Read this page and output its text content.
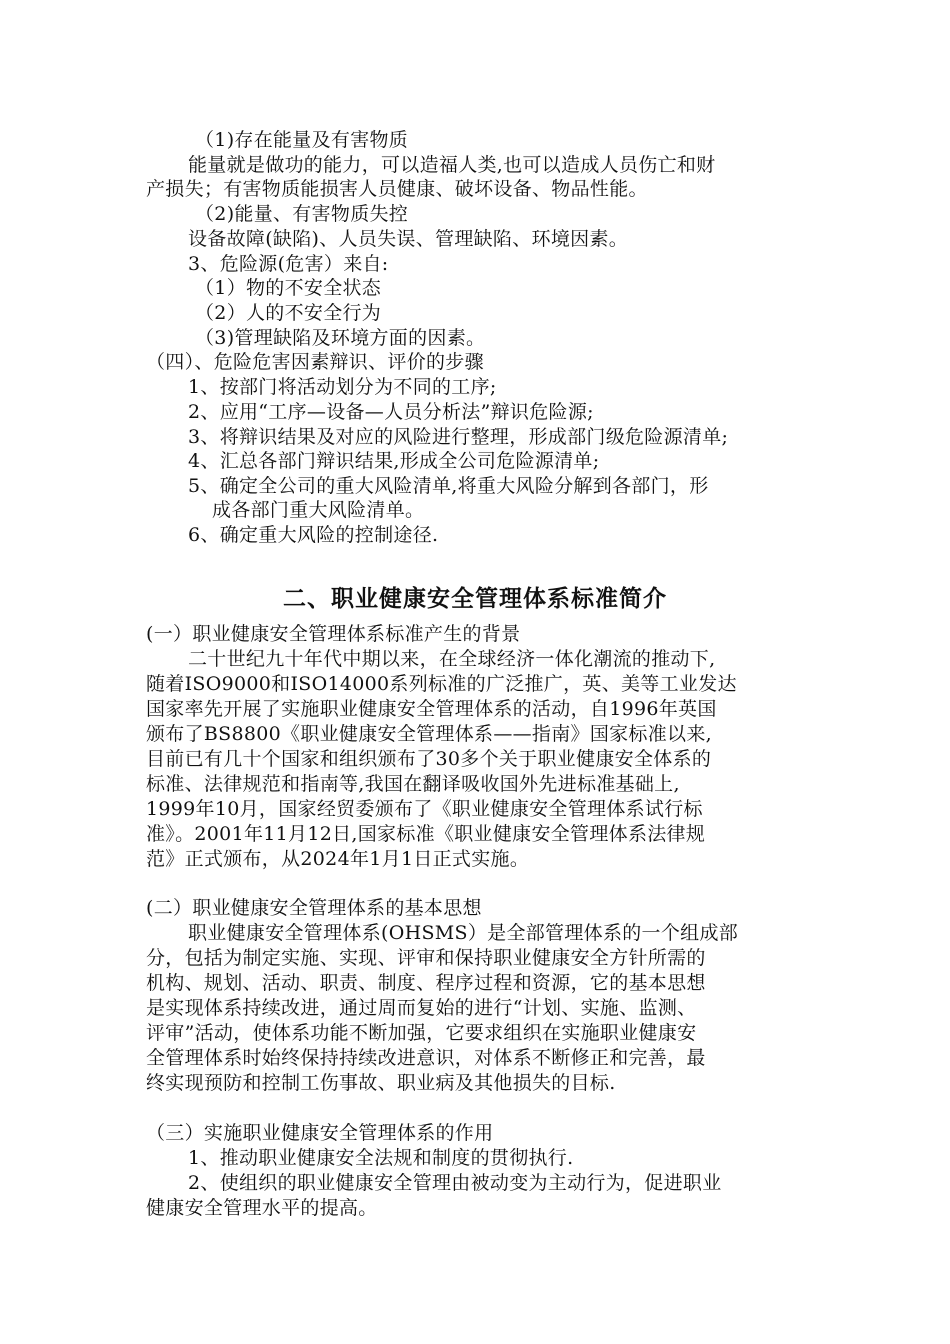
（1)存在能量及有害物质
能量就是做功的能力，可以造福人类,也可以造成人员伤亡和财
产损失；有害物质能损害人员健康、破坏设备、物品性能。
（2)能量、有害物质失控
设备故障(缺陷)、人员失误、管理缺陷、环境因素。
3、危险源(危害）来自:
（1）物的不安全状态
（2）人的不安全行为
（3)管理缺陷及环境方面的因素。
（四）、危险危害因素辩识、评价的步骤
1、按部门将活动划分为不同的工序;
2、应用“工序—设备—人员分析法”辩识危险源;
3、将辩识结果及对应的风险进行整理，形成部门级危险源清单;
4、汇总各部门辩识结果,形成全公司危险源清单;
5、确定全公司的重大风险清单,将重大风险分解到各部门，形
成各部门重大风险清单。
6、确定重大风险的控制途径.
二、职业健康安全管理体系标准简介
(一）职业健康安全管理体系标准产生的背景
二十世纪九十年代中期以来，在全球经济一体化潮流的推动下,
随着ISO9000和ISO14000系列标准的广泛推广，英、美等工业发达
国家率先开展了实施职业健康安全管理体系的活动，自1996年英国
颁布了BS8800《职业健康安全管理体系——指南》国家标准以来,
目前已有几十个国家和组织颁布了30多个关于职业健康安全体系的
标准、法律规范和指南等,我国在翻译吸收国外先进标准基础上,
1999年10月，国家经贸委颁布了《职业健康安全管理体系试行标
准》。2001年11月12日,国家标准《职业健康安全管理体系法律规
范》正式颁布，从2024年1月1日正式实施。
(二）职业健康安全管理体系的基本思想
职业健康安全管理体系(OHSMS）是全部管理体系的一个组成部
分，包括为制定实施、实现、评审和保持职业健康安全方针所需的
机构、规划、活动、职责、制度、程序过程和资源，它的基本思想
是实现体系持续改进，通过周而复始的进行“计划、实施、监测、
评审”活动，使体系功能不断加强，它要求组织在实施职业健康安
全管理体系时始终保持持续改进意识，对体系不断修正和完善，最
终实现预防和控制工伤事故、职业病及其他损失的目标.
（三）实施职业健康安全管理体系的作用
1、推动职业健康安全法规和制度的贯彻执行.
2、使组织的职业健康安全管理由被动变为主动行为，促进职业
健康安全管理水平的提高。
